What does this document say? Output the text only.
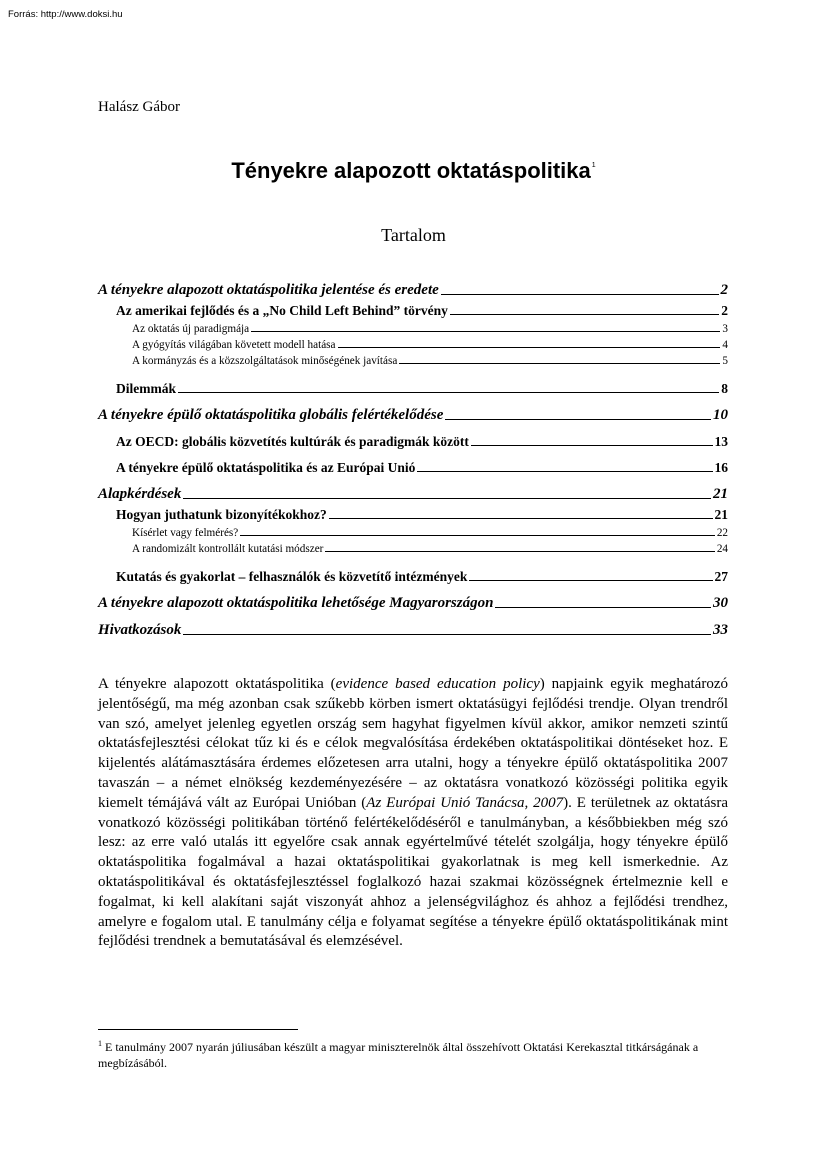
Forrás: http://www.doksi.hu
Halász Gábor
Tényekre alapozott oktatáspolitika$^1$
Tartalom
A tényekre alapozott oktatáspolitika jelentése és eredete	2
Az amerikai fejlődés és a „No Child Left Behind” törvény	2
Az oktatás új paradigmája	3
A gyógyítás világában követett modell hatása	4
A kormányzás és a közszolgáltatások minőségének javítása	5
Dilemmák	8
A tényekre épülő oktatáspolitika globális felértékelődése	10
Az OECD: globális közvetítés kultúrák és paradigmák között	13
A tényekre épülő oktatáspolitika és az Európai Unió	16
Alapkérdések	21
Hogyan juthatunk bizonyítékokhoz?	21
Kísérlet vagy felmérés?	22
A randomizált kontrollált kutatási módszer	24
Kutatás és gyakorlat – felhasználók és közvetítő intézmények	27
A tényekre alapozott oktatáspolitika lehetősége Magyarországon	30
Hivatkozások	33
A tényekre alapozott oktatáspolitika (evidence based education policy) napjaink egyik meghatározó jelentőségű, ma még azonban csak szűkebb körben ismert oktatásügyi fejlődési trendje. Olyan trendről van szó, amelyet jelenleg egyetlen ország sem hagyhat figyelmen kívül akkor, amikor nemzeti szintű oktatásfejlesztési célokat tűz ki és e célok megvalósítása érdekében oktatáspolitikai döntéseket hoz. E kijelentés alátámasztására érdemes előzetesen arra utalni, hogy a tényekre épülő oktatáspolitika 2007 tavaszán – a német elnökség kezdeményezésére – az oktatásra vonatkozó közösségi politika egyik kiemelt témájává vált az Európai Unióban (Az Európai Unió Tanácsa, 2007). E területnek az oktatásra vonatkozó közösségi politikában történő felértékelődéséről e tanulmányban, a későbbiekben még szó lesz: az erre való utalás itt egyelőre csak annak egyértelművé tételét szolgálja, hogy tényekre épülő oktatáspolitika fogalmával a hazai oktatáspolitikai gyakorlatnak is meg kell ismerkednie. Az oktatáspolitikával és oktatásfejlesztéssel foglalkozó hazai szakmai közösségnek értelmeznie kell e fogalmat, ki kell alakítani saját viszonyát ahhoz a jelenségvilághoz és ahhoz a fejlődési trendhez, amelyre e fogalom utal. E tanulmány célja e folyamat segítése a tényekre épülő oktatáspolitikának mint fejlődési trendnek a bemutatásával és elemzésével.
$^1$ E tanulmány 2007 nyarán júliusában készült a magyar miniszterelnök által összehívott Oktatási Kerekasztal titkárságának a megbízásából.
